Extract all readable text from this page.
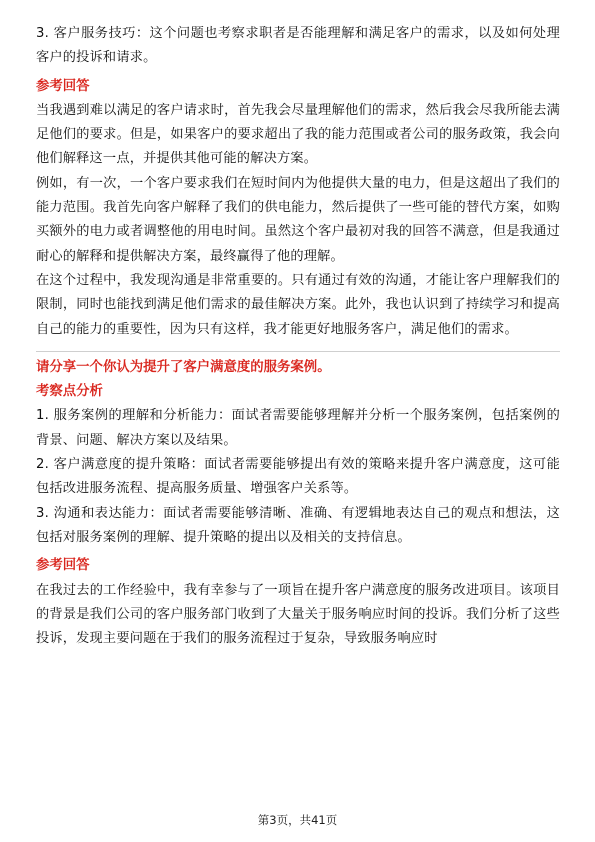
3. 客户服务技巧：这个问题也考察求职者是否能理解和满足客户的需求，以及如何处理客户的投诉和请求。

参考回答

当我遇到难以满足的客户请求时，首先我会尽量理解他们的需求，然后我会尽我所能去满足他们的要求。但是，如果客户的要求超出了我的能力范围或者公司的服务政策，我会向他们解释这一点，并提供其他可能的解决方案。

例如，有一次，一个客户要求我们在短时间内为他提供大量的电力，但是这超出了我们的能力范围。我首先向客户解释了我们的供电能力，然后提供了一些可能的替代方案，如购买额外的电力或者调整他的用电时间。虽然这个客户最初对我的回答不满意，但是我通过耐心的解释和提供解决方案，最终赢得了他的理解。

在这个过程中，我发现沟通是非常重要的。只有通过有效的沟通，才能让客户理解我们的限制，同时也能找到满足他们需求的最佳解决方案。此外，我也认识到了持续学习和提高自己的能力的重要性，因为只有这样，我才能更好地服务客户，满足他们的需求。

请分享一个你认为提升了客户满意度的服务案例。
考察点分析

1. 服务案例的理解和分析能力：面试者需要能够理解并分析一个服务案例，包括案例的背景、问题、解决方案以及结果。

2. 客户满意度的提升策略：面试者需要能够提出有效的策略来提升客户满意度，这可能包括改进服务流程、提高服务质量、增强客户关系等。

3. 沟通和表达能力：面试者需要能够清晰、准确、有逻辑地表达自己的观点和想法，这包括对服务案例的理解、提升策略的提出以及相关的支持信息。

参考回答

在我过去的工作经验中，我有幸参与了一项旨在提升客户满意度的服务改进项目。该项目的背景是我们公司的客户服务部门收到了大量关于服务响应时间的投诉。我们分析了这些投诉，发现主要问题在于我们的服务流程过于复杂，导致服务响应时

第3页，共41页
